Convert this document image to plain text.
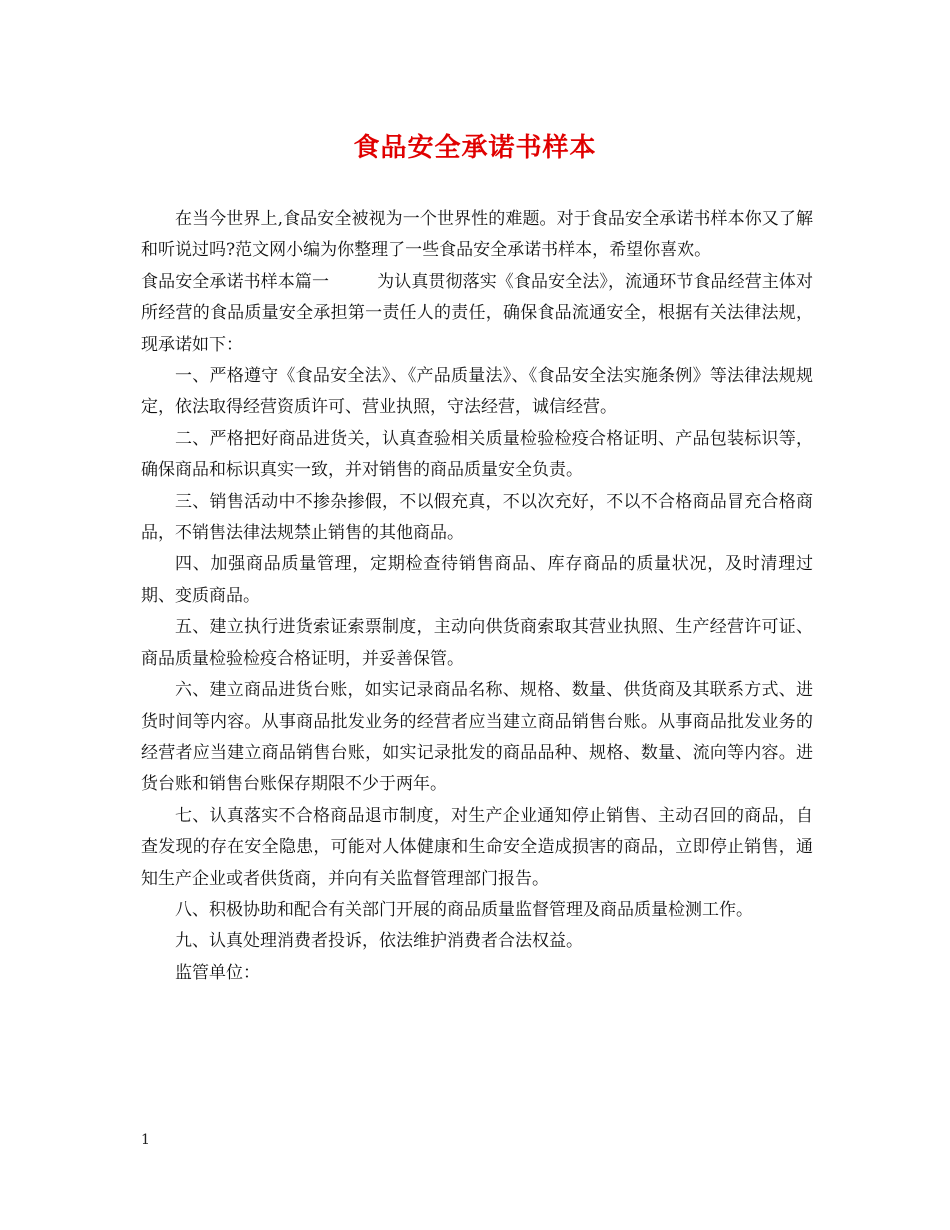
食品安全承诺书样本

在当今世界上,食品安全被视为一个世界性的难题。对于食品安全承诺书样本你又了解和听说过吗?范文网小编为你整理了一些食品安全承诺书样本，希望你喜欢。

食品安全承诺书样本篇一	为认真贯彻落实《食品安全法》，流通环节食品经营主体对所经营的食品质量安全承担第一责任人的责任，确保食品流通安全，根据有关法律法规，现承诺如下：

一、严格遵守《食品安全法》、《产品质量法》、《食品安全法实施条例》等法律法规规定，依法取得经营资质许可、营业执照，守法经营，诚信经营。

二、严格把好商品进货关，认真查验相关质量检验检疫合格证明、产品包装标识等，确保商品和标识真实一致，并对销售的商品质量安全负责。

三、销售活动中不掺杂掺假，不以假充真，不以次充好，不以不合格商品冒充合格商品，不销售法律法规禁止销售的其他商品。

四、加强商品质量管理，定期检查待销售商品、库存商品的质量状况，及时清理过期、变质商品。

五、建立执行进货索证索票制度，主动向供货商索取其营业执照、生产经营许可证、商品质量检验检疫合格证明，并妥善保管。

六、建立商品进货台账，如实记录商品名称、规格、数量、供货商及其联系方式、进货时间等内容。从事商品批发业务的经营者应当建立商品销售台账。从事商品批发业务的经营者应当建立商品销售台账，如实记录批发的商品品种、规格、数量、流向等内容。进货台账和销售台账保存期限不少于两年。

七、认真落实不合格商品退市制度，对生产企业通知停止销售、主动召回的商品，自查发现的存在安全隐患，可能对人体健康和生命安全造成损害的商品，立即停止销售，通知生产企业或者供货商，并向有关监督管理部门报告。

八、积极协助和配合有关部门开展的商品质量监督管理及商品质量检测工作。

九、认真处理消费者投诉，依法维护消费者合法权益。

监管单位：

1
